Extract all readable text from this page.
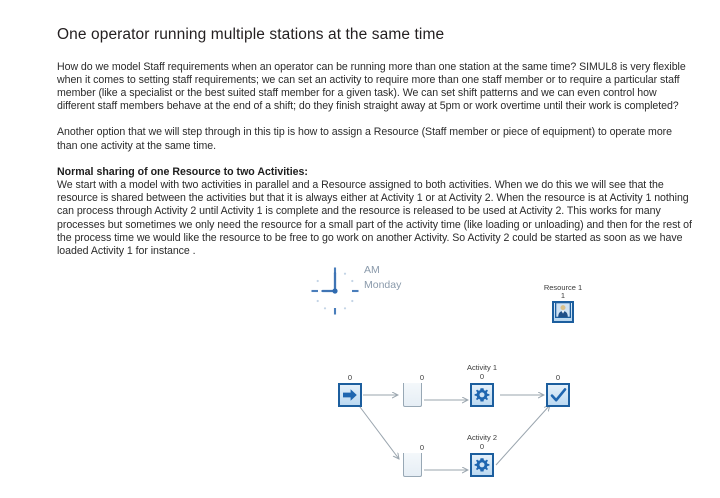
One operator running multiple stations at the same time

How do we model Staff requirements when an operator can be running more than one station at the same time? SIMUL8 is very flexible when it comes to setting staff requirements; we can set an activity to require more than one staff member or to require a particular staff member (like a specialist or the best suited staff member for a given task). We can set shift patterns and we can even control how different staff members behave at the end of a shift; do they finish straight away at 5pm or work overtime until their work is completed?

Another option that we will step through in this tip is how to assign a Resource (Staff member or piece of equipment) to operate more than one activity at the same time.

Normal sharing of one Resource to two Activities:

We start with a model with two activities in parallel and a Resource assigned to both activities. When we do this we will see that the resource is shared between the activities but that it is always either at Activity 1 or at Activity 2. When the resource is at Activity 1 nothing can process through Activity 2 until Activity 1 is complete and the resource is released to be used at Activity 2. This works for many processes but sometimes we only need the resource for a small part of the activity time (like loading or unloading) and then for the rest of the process time we would like the resource to be free to go work on another Activity. So Activity 2 could be started as soon as we have loaded Activity 1 for instance .

AM
Monday	Resource 1
1
0	0
Activity 1
0	0
0
Activity 2
0
